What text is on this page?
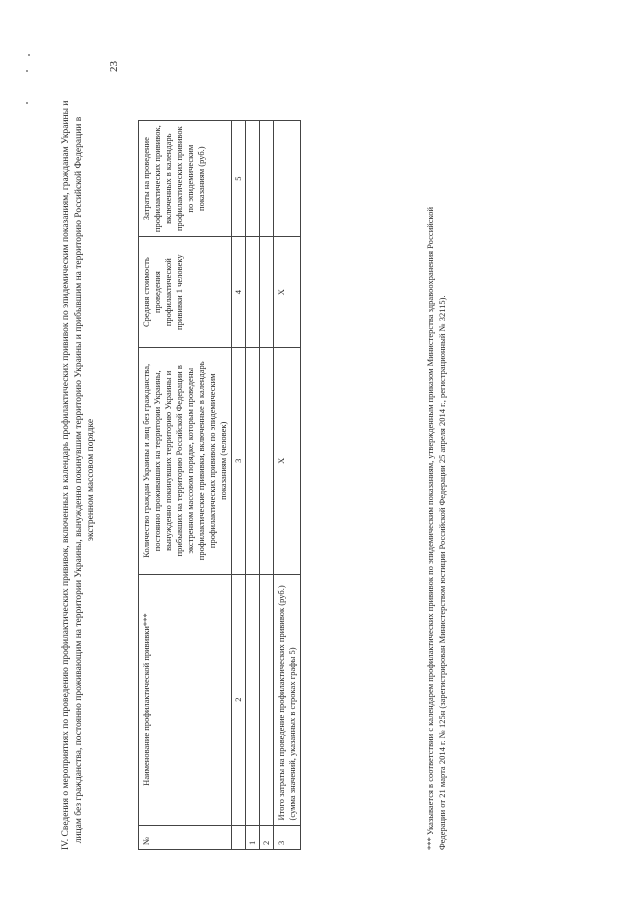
IV. Сведения о мероприятиях по проведению профилактических прививок, включенных в календарь профилактических прививок по эпидемическим показаниям, гражданам Украины и лицам без гражданства, постоянно проживающим на территории Украины, вынужденно покинувшим территорию Украины и прибывшим на территорию Российской Федерации в экстренном массовом порядке
№	Наименование профилактической прививки***	Количество граждан Украины и лиц без гражданства, постоянно проживавших на территории Украины, вынужденно покинувших территорию Украины и прибывших на территорию Российской Федерации в экстренном массовом порядке, которым проведены профилактические прививки, включенные в календарь профилактических прививок по эпидемическим показаниям (человек)	Средняя стоимость проведения профилактической прививки 1 человеку	Затраты на проведение профилактических прививок, включенных в календарь профилактических прививок по эпидемическим показаниям (руб.)
	2	3	4	5
1				
2				
3	Итого затраты на проведение профилактических прививок (руб.) (сумма значений, указанных в строках графы 5)	X	X		*** Указывается в соответствии с календарем профилактических прививок по эпидемическим показаниям, утвержденным приказом Министерства здравоохранения Российской Федерации от 21 марта 2014 г. № 125н (зарегистрирован Министерством юстиции Российской Федерации 25 апреля 2014 г., регистрационный № 32115).
23
